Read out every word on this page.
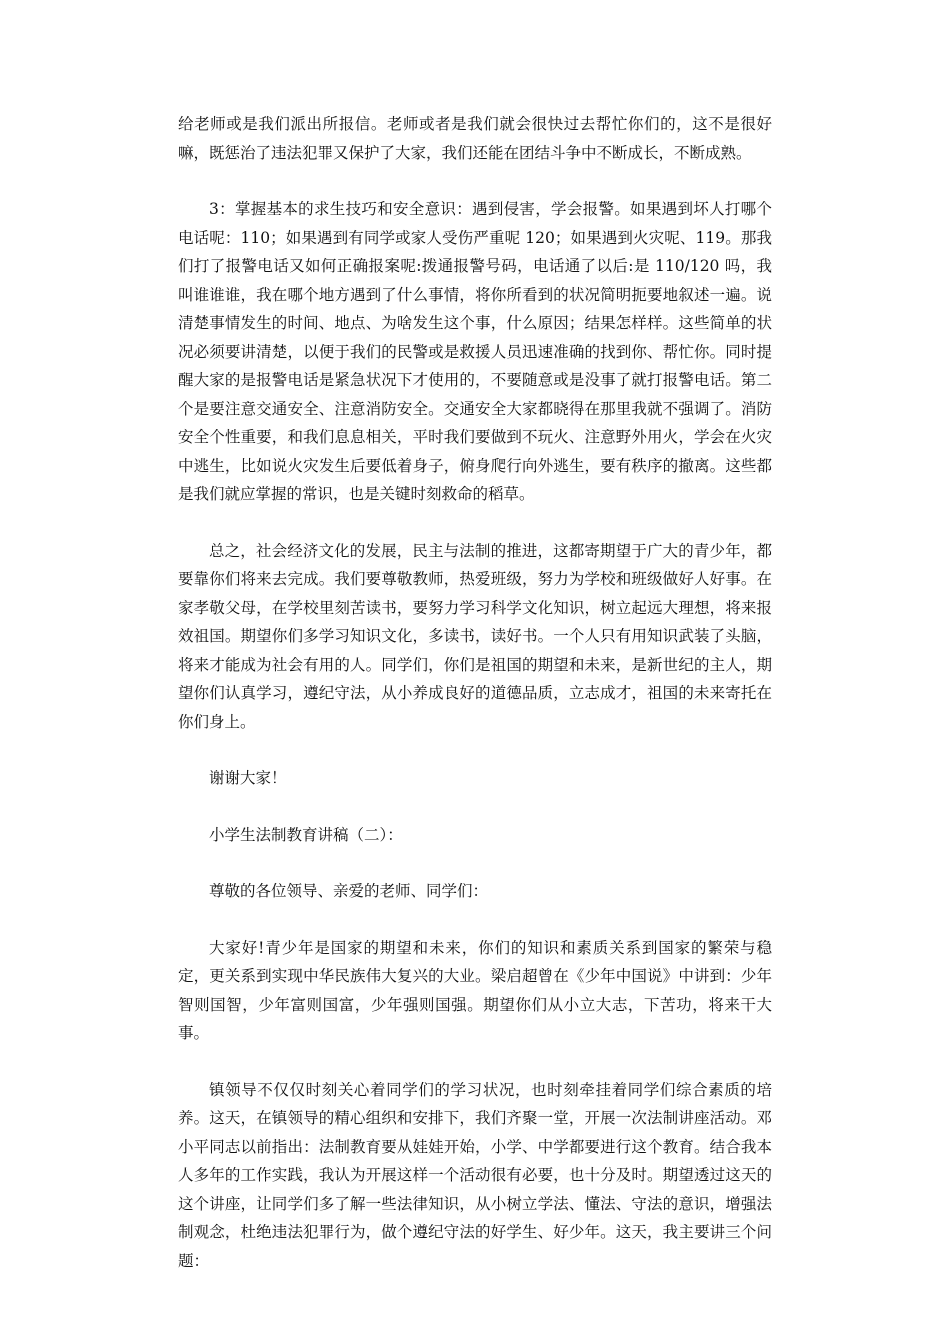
给老师或是我们派出所报信。老师或者是我们就会很快过去帮忙你们的，这不是很好嘛，既惩治了违法犯罪又保护了大家，我们还能在团结斗争中不断成长，不断成熟。

3：掌握基本的求生技巧和安全意识：遇到侵害，学会报警。如果遇到坏人打哪个电话呢：110；如果遇到有同学或家人受伤严重呢 120；如果遇到火灾呢、119。那我们打了报警电话又如何正确报案呢:拨通报警号码，电话通了以后:是 110/120 吗，我叫谁谁谁，我在哪个地方遇到了什么事情，将你所看到的状况简明扼要地叙述一遍。说清楚事情发生的时间、地点、为啥发生这个事，什么原因；结果怎样样。这些简单的状况必须要讲清楚，以便于我们的民警或是救援人员迅速准确的找到你、帮忙你。同时提醒大家的是报警电话是紧急状况下才使用的，不要随意或是没事了就打报警电话。第二个是要注意交通安全、注意消防安全。交通安全大家都晓得在那里我就不强调了。消防安全个性重要，和我们息息相关，平时我们要做到不玩火、注意野外用火，学会在火灾中逃生，比如说火灾发生后要低着身子，俯身爬行向外逃生，要有秩序的撤离。这些都是我们就应掌握的常识，也是关键时刻救命的稻草。

总之，社会经济文化的发展，民主与法制的推进，这都寄期望于广大的青少年，都要靠你们将来去完成。我们要尊敬教师，热爱班级，努力为学校和班级做好人好事。在家孝敬父母，在学校里刻苦读书，要努力学习科学文化知识，树立起远大理想，将来报效祖国。期望你们多学习知识文化，多读书，读好书。一个人只有用知识武装了头脑，将来才能成为社会有用的人。同学们，你们是祖国的期望和未来，是新世纪的主人，期望你们认真学习，遵纪守法，从小养成良好的道德品质，立志成才，祖国的未来寄托在你们身上。

谢谢大家！

小学生法制教育讲稿（二）：

尊敬的各位领导、亲爱的老师、同学们：

大家好!青少年是国家的期望和未来，你们的知识和素质关系到国家的繁荣与稳定，更关系到实现中华民族伟大复兴的大业。梁启超曾在《少年中国说》中讲到：少年智则国智，少年富则国富，少年强则国强。期望你们从小立大志，下苦功，将来干大事。

镇领导不仅仅时刻关心着同学们的学习状况，也时刻牵挂着同学们综合素质的培养。这天，在镇领导的精心组织和安排下，我们齐聚一堂，开展一次法制讲座活动。邓小平同志以前指出：法制教育要从娃娃开始，小学、中学都要进行这个教育。结合我本人多年的工作实践，我认为开展这样一个活动很有必要，也十分及时。期望透过这天的这个讲座，让同学们多了解一些法律知识，从小树立学法、懂法、守法的意识，增强法制观念，杜绝违法犯罪行为，做个遵纪守法的好学生、好少年。这天，我主要讲三个问题：
